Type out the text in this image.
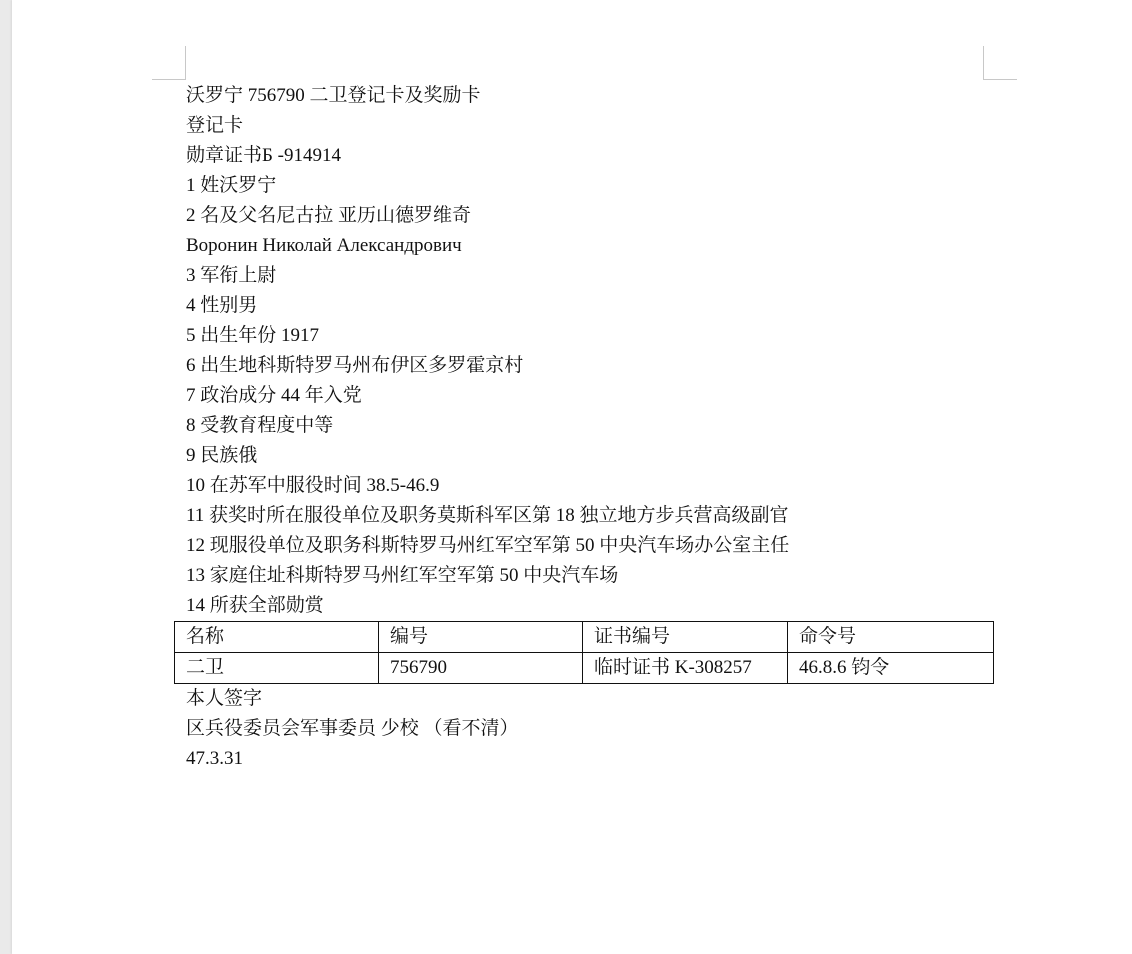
沃罗宁 756790 二卫登记卡及奖励卡
登记卡
勋章证书Б -914914
1 姓沃罗宁
2 名及父名尼古拉 亚历山德罗维奇
Воронин Николай Александрович
3 军衔上尉
4 性别男
5 出生年份 1917
6 出生地科斯特罗马州布伊区多罗霍京村
7 政治成分 44 年入党
8 受教育程度中等
9 民族俄
10 在苏军中服役时间 38.5-46.9
11 获奖时所在服役单位及职务莫斯科军区第 18 独立地方步兵营高级副官
12 现服役单位及职务科斯特罗马州红军空军第 50 中央汽车场办公室主任
13 家庭住址科斯特罗马州红军空军第 50 中央汽车场
14 所获全部勋赏
名称	编号	证书编号	命令号
二卫	756790	临时证书 K-308257	46.8.6 钧令
本人签字
区兵役委员会军事委员 少校 （看不清）
47.3.31
